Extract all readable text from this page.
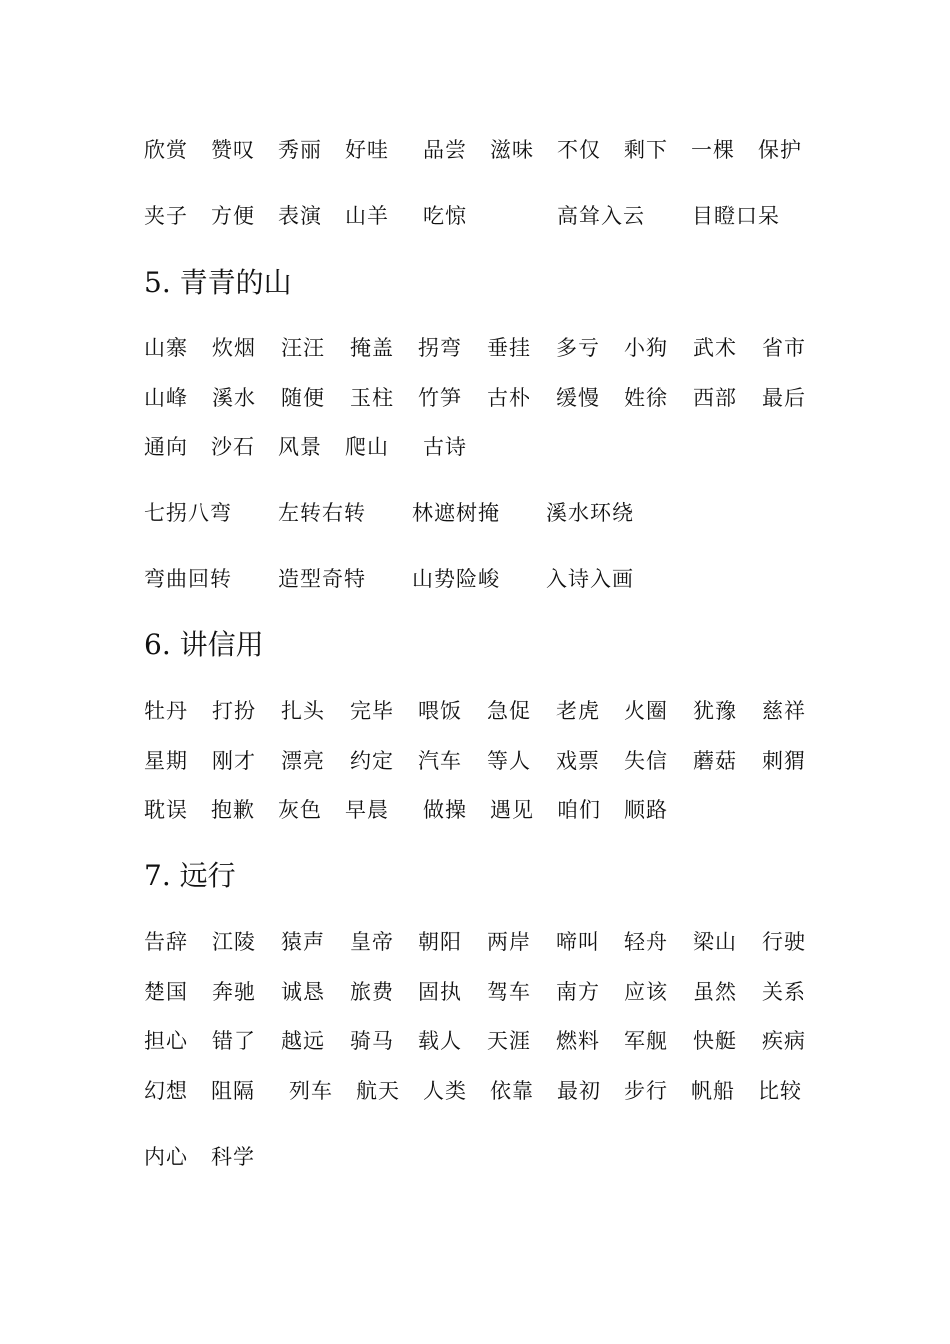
欣赏 赞叹 秀丽 好哇 品尝 滋味 不仅 剩下 一棵 保护
夹子 方便 表演 山羊 吃惊	高耸入云 目瞪口呆
5. 青青的山
山寨 炊烟 汪汪 掩盖 拐弯 垂挂 多亏 小狗 武术 省市
山峰 溪水 随便 玉柱 竹笋 古朴 缓慢 姓徐 西部 最后
通向 沙石 风景 爬山 古诗
七拐八弯 左转右转 林遮树掩 溪水环绕
弯曲回转 造型奇特 山势险峻 入诗入画
6. 讲信用
牡丹 打扮 扎头 完毕 喂饭 急促 老虎 火圈 犹豫 慈祥
星期 刚才 漂亮 约定 汽车 等人 戏票 失信 蘑菇 刺猬
耽误 抱歉 灰色 早晨 做操 遇见 咱们 顺路
7. 远行
告辞 江陵 猿声 皇帝 朝阳 两岸 啼叫 轻舟 梁山 行驶
楚国 奔驰 诚恳 旅费 固执 驾车 南方 应该 虽然 关系
担心 错了 越远 骑马 载人 天涯 燃料 军舰 快艇 疾病
幻想 阻隔 列车 航天 人类 依靠 最初 步行 帆船 比较
内心 科学
